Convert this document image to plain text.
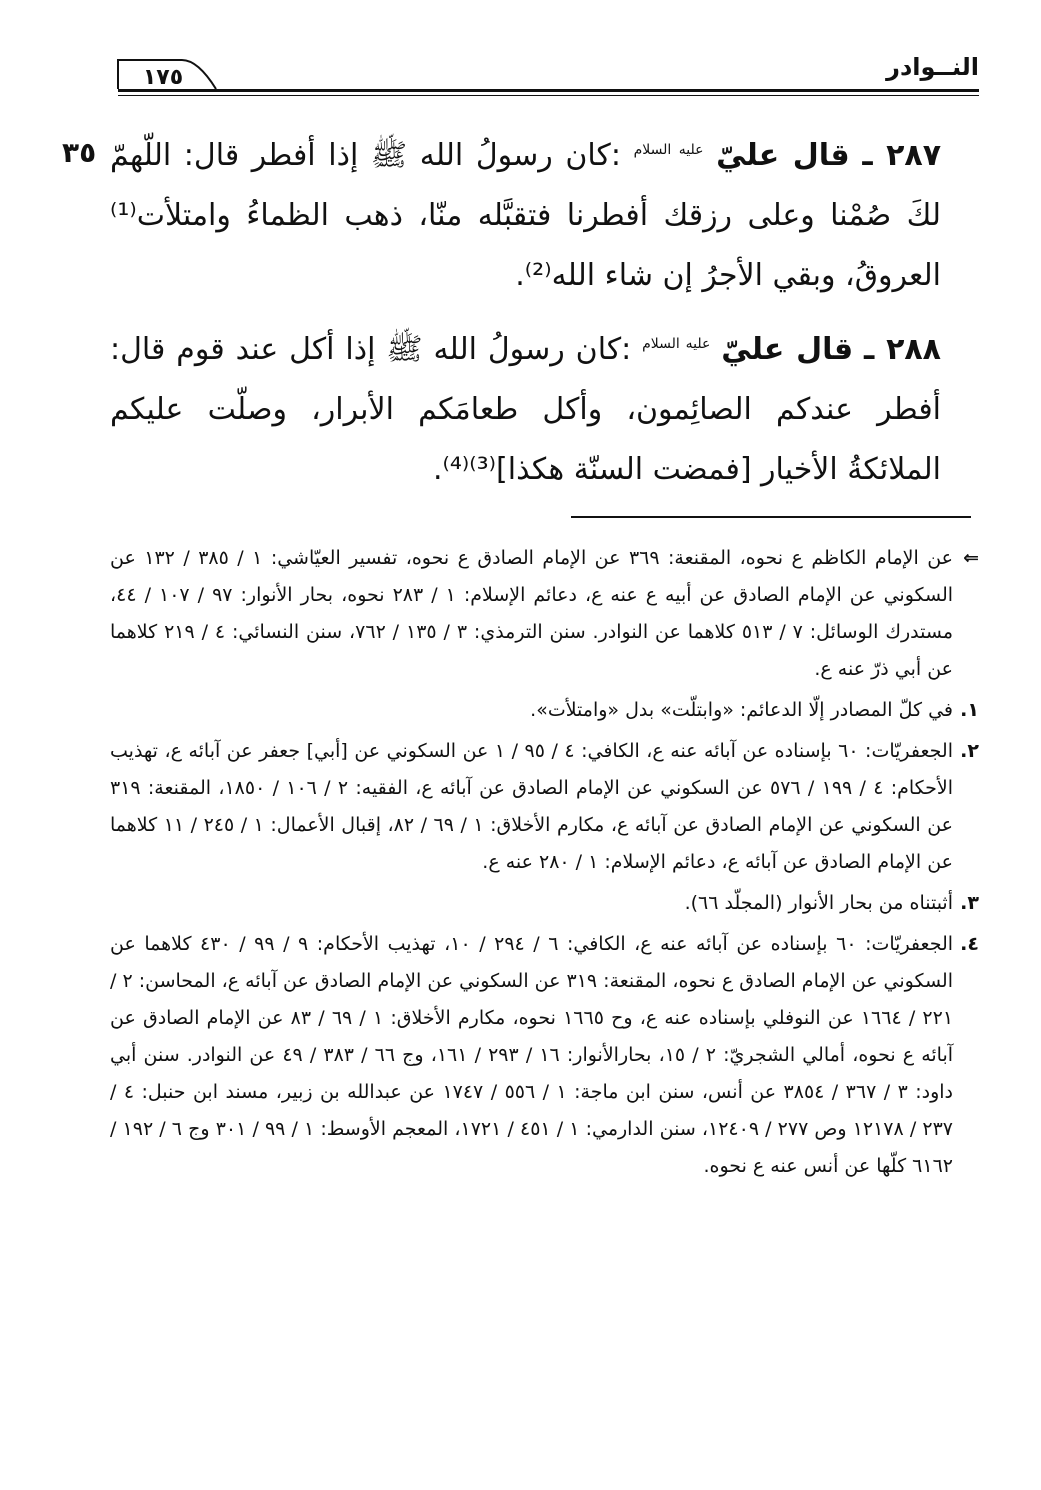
النــوادر
١٧٥
٣٥	٢٨٧ ـ قال عليّ $^{عليه السلام}$ :كان رسولُ الله ﷺ إذا أفطر قال: اللّهمّ لكَ صُمْنا وعلى رزقك أفطرنا فتقبَّله منّا، ذهب الظماءُ وامتلأت⁽¹⁾ العروقُ، وبقي الأجرُ إن شاء الله⁽²⁾.

٢٨٨ ـ قال عليّ $^{عليه السلام}$ :كان رسولُ الله ﷺ إذا أكل عند قوم قال: أفطر عندكم الصائِمون، وأكل طعامَكم الأبرار، وصلّت عليكم الملائكةُ الأخيار [فمضت السنّة هكذا]⁽³⁾⁽⁴⁾.

⇐
عن الإمام الكاظم ع نحوه، المقنعة: ٣٦٩ عن الإمام الصادق ع نحوه، تفسير العيّاشي: ١ / ٣٨٥ / ١٣٢ عن السكوني عن الإمام الصادق عن أبيه ع عنه ع، دعائم الإسلام: ١ / ٢٨٣ نحوه، بحار الأنوار: ٩٧ / ١٠٧ / ٤٤، مستدرك الوسائل: ٧ / ٥١٣ كلاهما عن النوادر. سنن الترمذي: ٣ / ١٣٥ / ٧٦٢، سنن النسائي: ٤ / ٢١٩ كلاهما عن أبي ذرّ عنه ع.

١.
في كلّ المصادر إلّا الدعائم: «وابتلّت» بدل «وامتلأت».

٢.
الجعفريّات: ٦٠ بإسناده عن آبائه عنه ع، الكافي: ٤ / ٩٥ / ١ عن السكوني عن [أبي] جعفر عن آبائه ع، تهذيب الأحكام: ٤ / ١٩٩ / ٥٧٦ عن السكوني عن الإمام الصادق عن آبائه ع، الفقيه: ٢ / ١٠٦ / ١٨٥٠، المقنعة: ٣١٩ عن السكوني عن الإمام الصادق عن آبائه ع، مكارم الأخلاق: ١ / ٦٩ / ٨٢، إقبال الأعمال: ١ / ٢٤٥ / ١١ كلاهما عن الإمام الصادق عن آبائه ع، دعائم الإسلام: ١ / ٢٨٠ عنه ع.

٣.
أثبتناه من بحار الأنوار (المجلّد ٦٦).

٤.
الجعفريّات: ٦٠ بإسناده عن آبائه عنه ع، الكافي: ٦ / ٢٩٤ / ١٠، تهذيب الأحكام: ٩ / ٩٩ / ٤٣٠ كلاهما عن السكوني عن الإمام الصادق ع نحوه، المقنعة: ٣١٩ عن السكوني عن الإمام الصادق عن آبائه ع، المحاسن: ٢ / ٢٢١ / ١٦٦٤ عن النوفلي بإسناده عنه ع، وح ١٦٦٥ نحوه، مكارم الأخلاق: ١ / ٦٩ / ٨٣ عن الإمام الصادق عن آبائه ع نحوه، أمالي الشجريّ: ٢ / ١٥، بحارالأنوار: ١٦ / ٢٩٣ / ١٦١، وج ٦٦ / ٣٨٣ / ٤٩ عن النوادر. سنن أبي داود: ٣ / ٣٦٧ / ٣٨٥٤ عن أنس، سنن ابن ماجة: ١ / ٥٥٦ / ١٧٤٧ عن عبدالله بن زبير، مسند ابن حنبل: ٤ / ٢٣٧ / ١٢١٧٨ وص ٢٧٧ / ١٢٤٠٩، سنن الدارمي: ١ / ٤٥١ / ١٧٢١، المعجم الأوسط: ١ / ٩٩ / ٣٠١ وج ٦ / ١٩٢ / ٦١٦٢ كلّها عن أنس عنه ع نحوه.
